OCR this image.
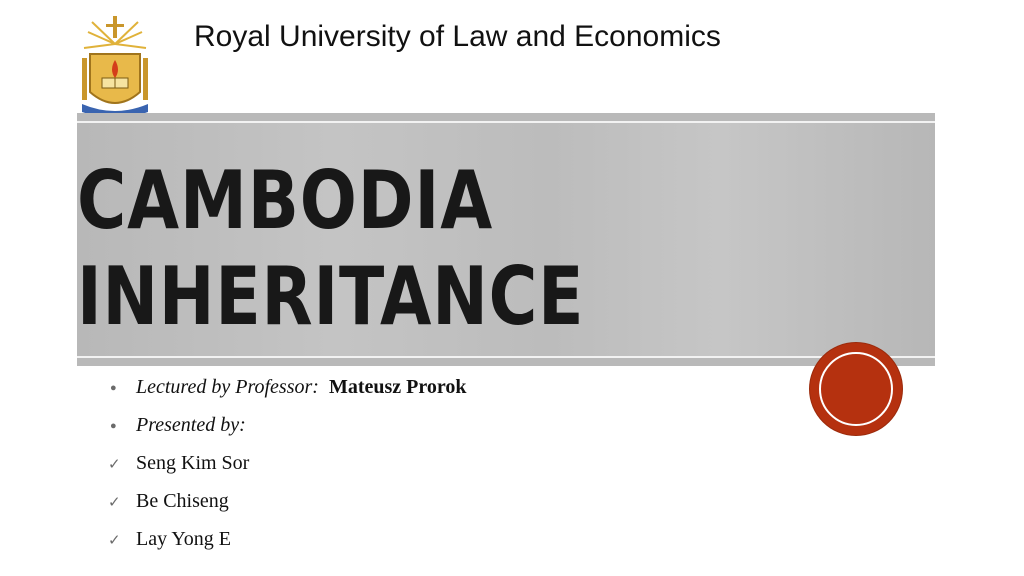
Royal University of Law and Economics
CAMBODIA
INHERITANCE
● Lectured by Professor: Mateusz Prorok
● Presented by:
✓ Seng Kim Sor
✓ Be Chiseng
✓ Lay Yong E
